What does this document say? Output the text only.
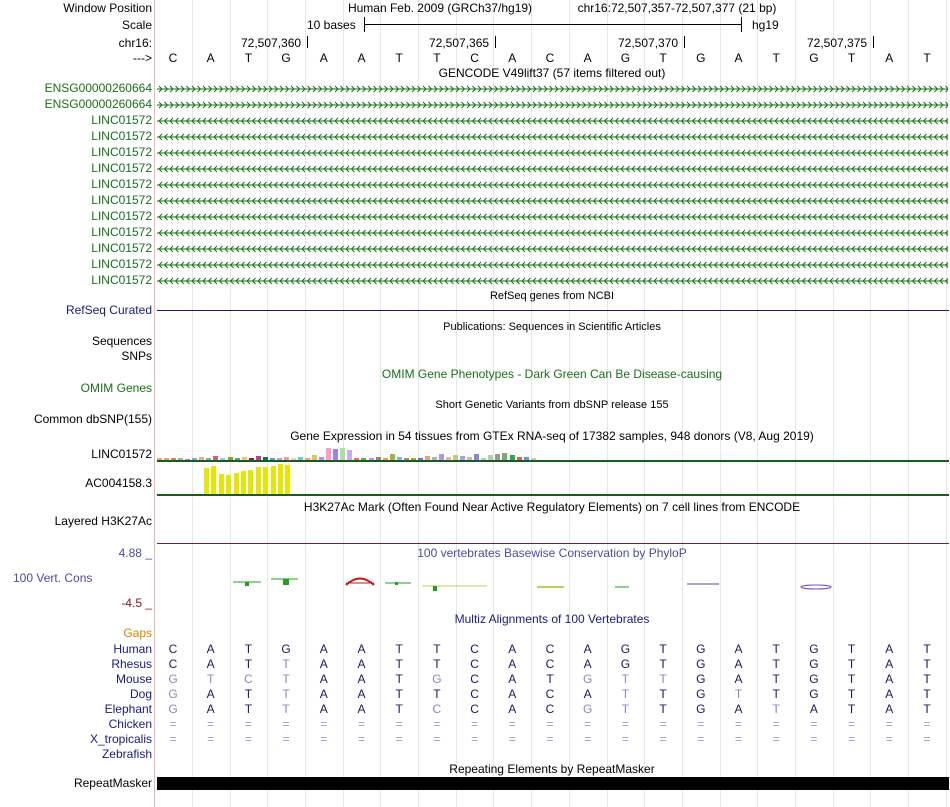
Window Position	Human Feb. 2009 (GRCh37/hg19)	chr16:72,507,357-72,507,377 (21 bp)
Scale	10 bases	hg19
chr16:	72,507,360	72,507,365	72,507,370	72,507,375
--->	C	A	T	G	A	A	T	T	C	A	C	A	G	T	G	A	T	G	T	A	T
GENCODE V49lift37 (57 items filtered out)
ENSG00000260664
ENSG00000260664
LINC01572
LINC01572
LINC01572
LINC01572
LINC01572
LINC01572
LINC01572
LINC01572
LINC01572
LINC01572
LINC01572
RefSeq genes from NCBI
RefSeq Curated
Publications: Sequences in Scientific Articles
Sequences
SNPs
OMIM Gene Phenotypes - Dark Green Can Be Disease-causing
OMIM Genes
Short Genetic Variants from dbSNP release 155
Common dbSNP(155)
Gene Expression in 54 tissues from GTEx RNA-seq of 17382 samples, 948 donors (V8, Aug 2019)
LINC01572
AC004158.3
H3K27Ac Mark (Often Found Near Active Regulatory Elements) on 7 cell lines from ENCODE
Layered H3K27Ac
100 vertebrates Basewise Conservation by PhyloP
4.88 _
100 Vert. Cons
-4.5 _
Multiz Alignments of 100 Vertebrates
Gaps
Human	C	A	T	G	A	A	T	T	C	A	C	A	G	T	G	A	T	G	T	A	T
Rhesus	C	A	T	T	A	A	T	T	C	A	C	A	G	T	G	A	T	G	T	A	T
Mouse G	T	C	T	A	A	T	G	C	A	T	G	T	T	G	A	T	G	T	A	T
Dog G	A	T	T	A	A	T	T	C	A	C	A	T	T	G	T	T	G	T	A	T
Elephant G	A	T	T	A	A	T	C	C	A	C	G	T	T	G	A	T	A	T	A	T
Chicken	=	=	=	=	=	=	=	=	=	=	=	=	=	=	=	=	=	=	=	=	=
X_tropicalis	=	=	=	=	=	=	=	=	=	=	=	=	=	=	=	=	=	=	=	=	=
Zebrafish
Repeating Elements by RepeatMasker
RepeatMasker
